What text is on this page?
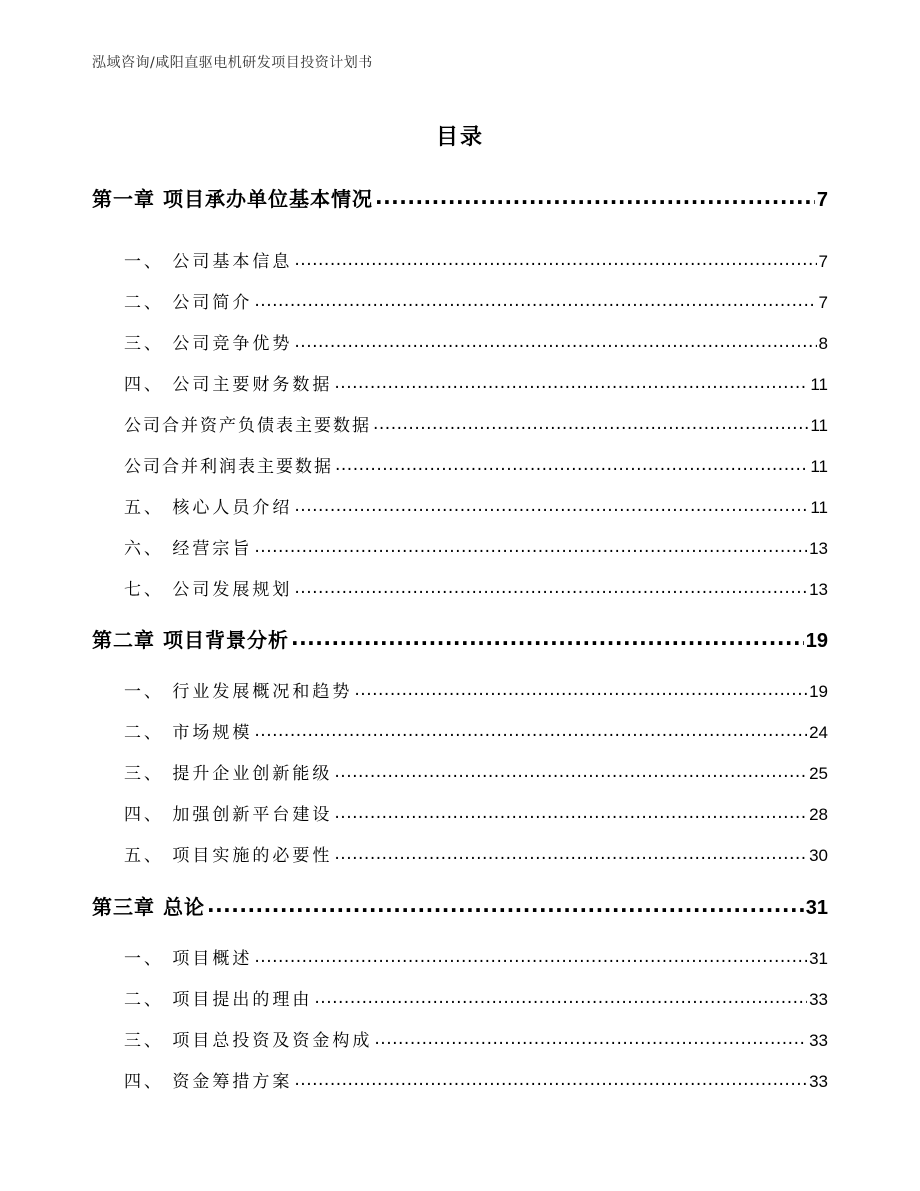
泓域咨询/咸阳直驱电机研发项目投资计划书
目录
第一章 项目承办单位基本情况 .....	7
一、 公司基本信息 .....	7
二、 公司简介 .....	7
三、 公司竞争优势 .....	8
四、 公司主要财务数据 .....	11
公司合并资产负债表主要数据 .....	11
公司合并利润表主要数据 .....	11
五、 核心人员介绍 .....	11
六、 经营宗旨 .....	13
七、 公司发展规划 .....	13
第二章 项目背景分析 .....	19
一、 行业发展概况和趋势 .....	19
二、 市场规模 .....	24
三、 提升企业创新能级 .....	25
四、 加强创新平台建设 .....	28
五、 项目实施的必要性 .....	30
第三章 总论 .....	31
一、 项目概述 .....	31
二、 项目提出的理由 .....	33
三、 项目总投资及资金构成 .....	33
四、 资金筹措方案 .....	33
